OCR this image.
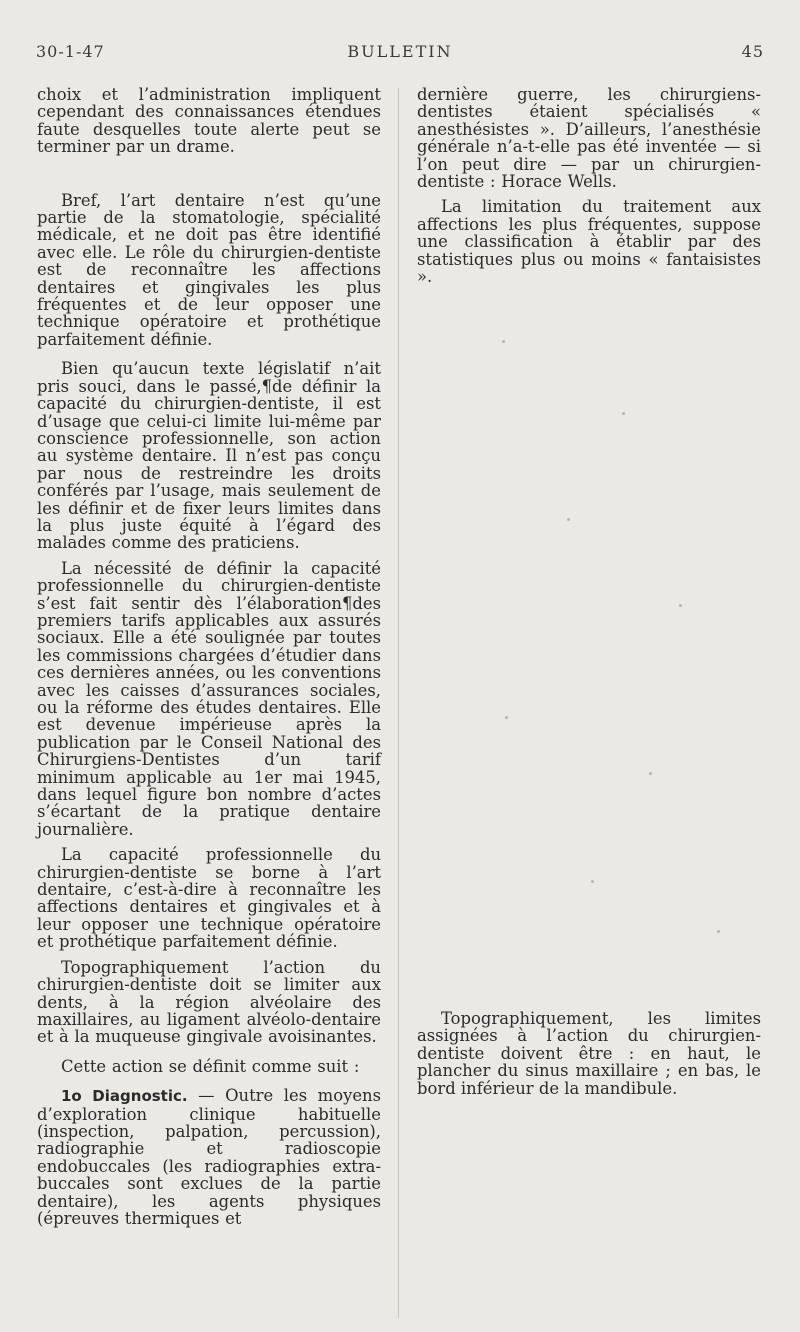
30-1-47	BULLETIN	45

choix et l’administration impliquent cependant des connaissances étendues faute desquelles toute alerte peut se terminer par un drame.

Bref, l’art dentaire n’est qu’une partie de la stomatologie, spécialité médicale, et ne doit pas être identifié avec elle. Le rôle du chirurgien-dentiste est de reconnaître les affections dentaires et gingivales les plus fréquentes et de leur opposer une technique opératoire et prothétique parfaitement définie.

Bien qu’aucun texte législatif n’ait pris souci, dans le passé,¶de définir la capacité du chirurgien-dentiste, il est d’usage que celui-ci limite lui-même par conscience professionnelle, son action au système dentaire. Il n’est pas conçu par nous de restreindre les droits conférés par l’usage, mais seulement de les définir et de fixer leurs limites dans la plus juste équité à l’égard des malades comme des praticiens.

La nécessité de définir la capacité professionnelle du chirurgien-dentiste s’est fait sentir dès l’élaboration¶des premiers tarifs applicables aux assurés sociaux. Elle a été soulignée par toutes les commissions chargées d’étudier dans ces dernières années, ou les conventions avec les caisses d’assurances sociales, ou la réforme des études dentaires. Elle est devenue impérieuse après la publication par le Conseil National des Chirurgiens-Dentistes d’un tarif minimum applicable au 1er mai 1945, dans lequel figure bon nombre d’actes s’écartant de la pratique dentaire journalière.

La capacité professionnelle du chirurgien-dentiste se borne à l’art dentaire, c’est-à-dire à reconnaître les affections dentaires et gingivales et à leur opposer une technique opératoire et prothétique parfaitement définie.

Topographiquement l’action du chirurgien-dentiste doit se limiter aux dents, à la région alvéolaire des maxillaires, au ligament alvéolo-dentaire et à la muqueuse gingivale avoisinantes.

Cette action se définit comme suit :

1o Diagnostic. — Outre les moyens d’exploration clinique habituelle (inspection, palpation, percussion), radiographie et radioscopie endobuccales (les radiographies extra-buccales sont exclues de la partie dentaire), les agents physiques (épreuves thermiques et

dernière guerre, les chirurgiens-dentistes étaient spécialisés « anesthésistes ». D’ailleurs, l’anesthésie générale n’a-t-elle pas été inventée — si l’on peut dire — par un chirurgien-dentiste : Horace Wells.

La limitation du traitement aux affections les plus fréquentes, suppose une classification à établir par des statistiques plus ou moins « fantaisistes ».

Topographiquement, les limites assignées à l’action du chirurgien-dentiste doivent être : en haut, le plancher du sinus maxillaire ; en bas, le bord inférieur de la mandibule.
